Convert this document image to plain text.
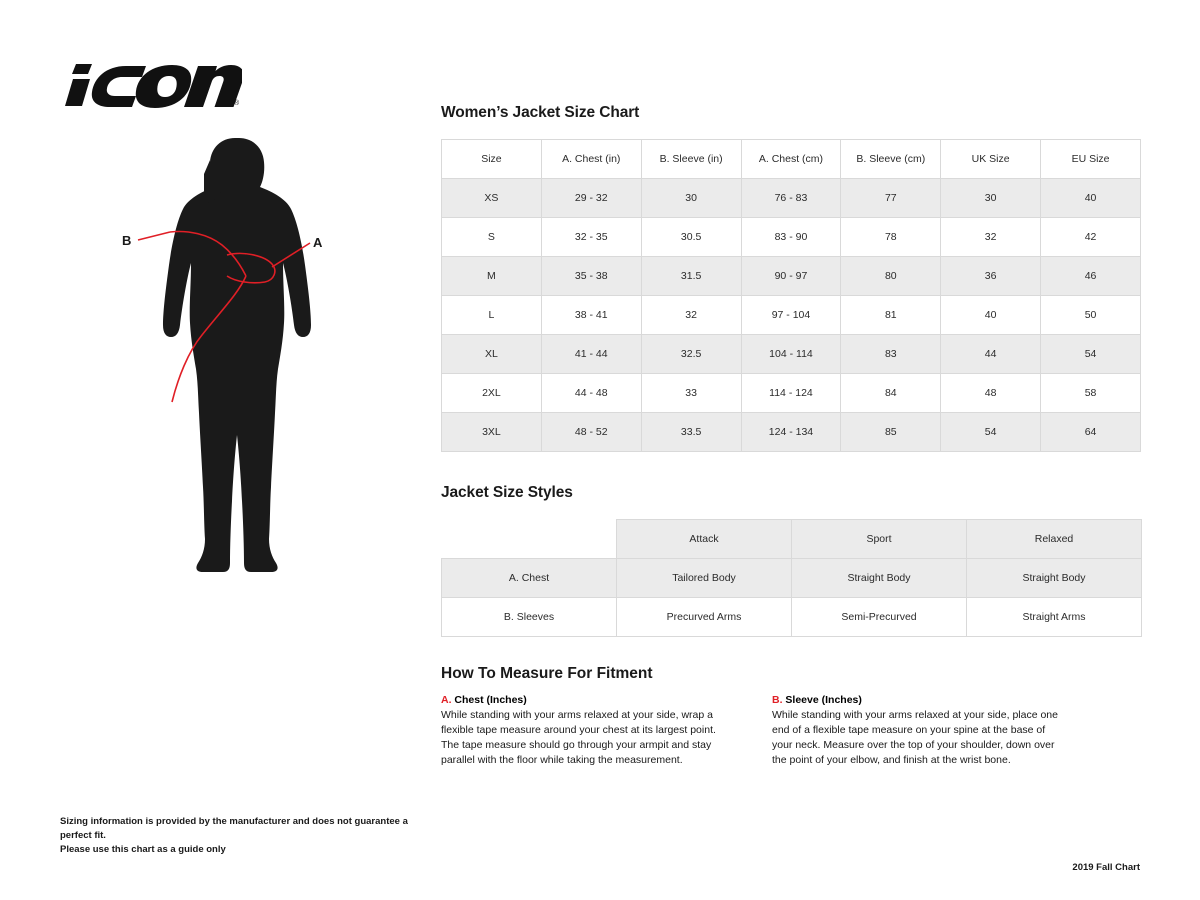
®
A
B
Women’s Jacket Size Chart
Size	A. Chest (in)	B. Sleeve (in)	A. Chest (cm)	B. Sleeve (cm)	UK Size	EU Size
XS	29 - 32	30	76 - 83	77	30	40
S	32 - 35	30.5	83 - 90	78	32	42
M	35 - 38	31.5	90 - 97	80	36	46
L	38 - 41	32	97 - 104	81	40	50
XL	41 - 44	32.5	104 - 114	83	44	54
2XL	44 - 48	33	114 - 124	84	48	58
3XL	48 - 52	33.5	124 - 134	85	54	64
Jacket Size Styles
	Attack	Sport	Relaxed
A. Chest	Tailored Body	Straight Body	Straight Body
B. Sleeves	Precurved Arms	Semi-Precurved	Straight Arms
How To Measure For Fitment
A. Chest (Inches)
While standing with your arms relaxed at your side, wrap a flexible tape measure around your chest at its largest point. The tape measure should go through your armpit and stay parallel with the floor while taking the measurement.
B. Sleeve (Inches)
While standing with your arms relaxed at your side, place one end of a flexible tape measure on your spine at the base of your neck. Measure over the top of your shoulder, down over the point of your elbow, and finish at the wrist bone.
Sizing information is provided by the manufacturer and does not guarantee a perfect fit.
Please use this chart as a guide only
2019 Fall Chart
